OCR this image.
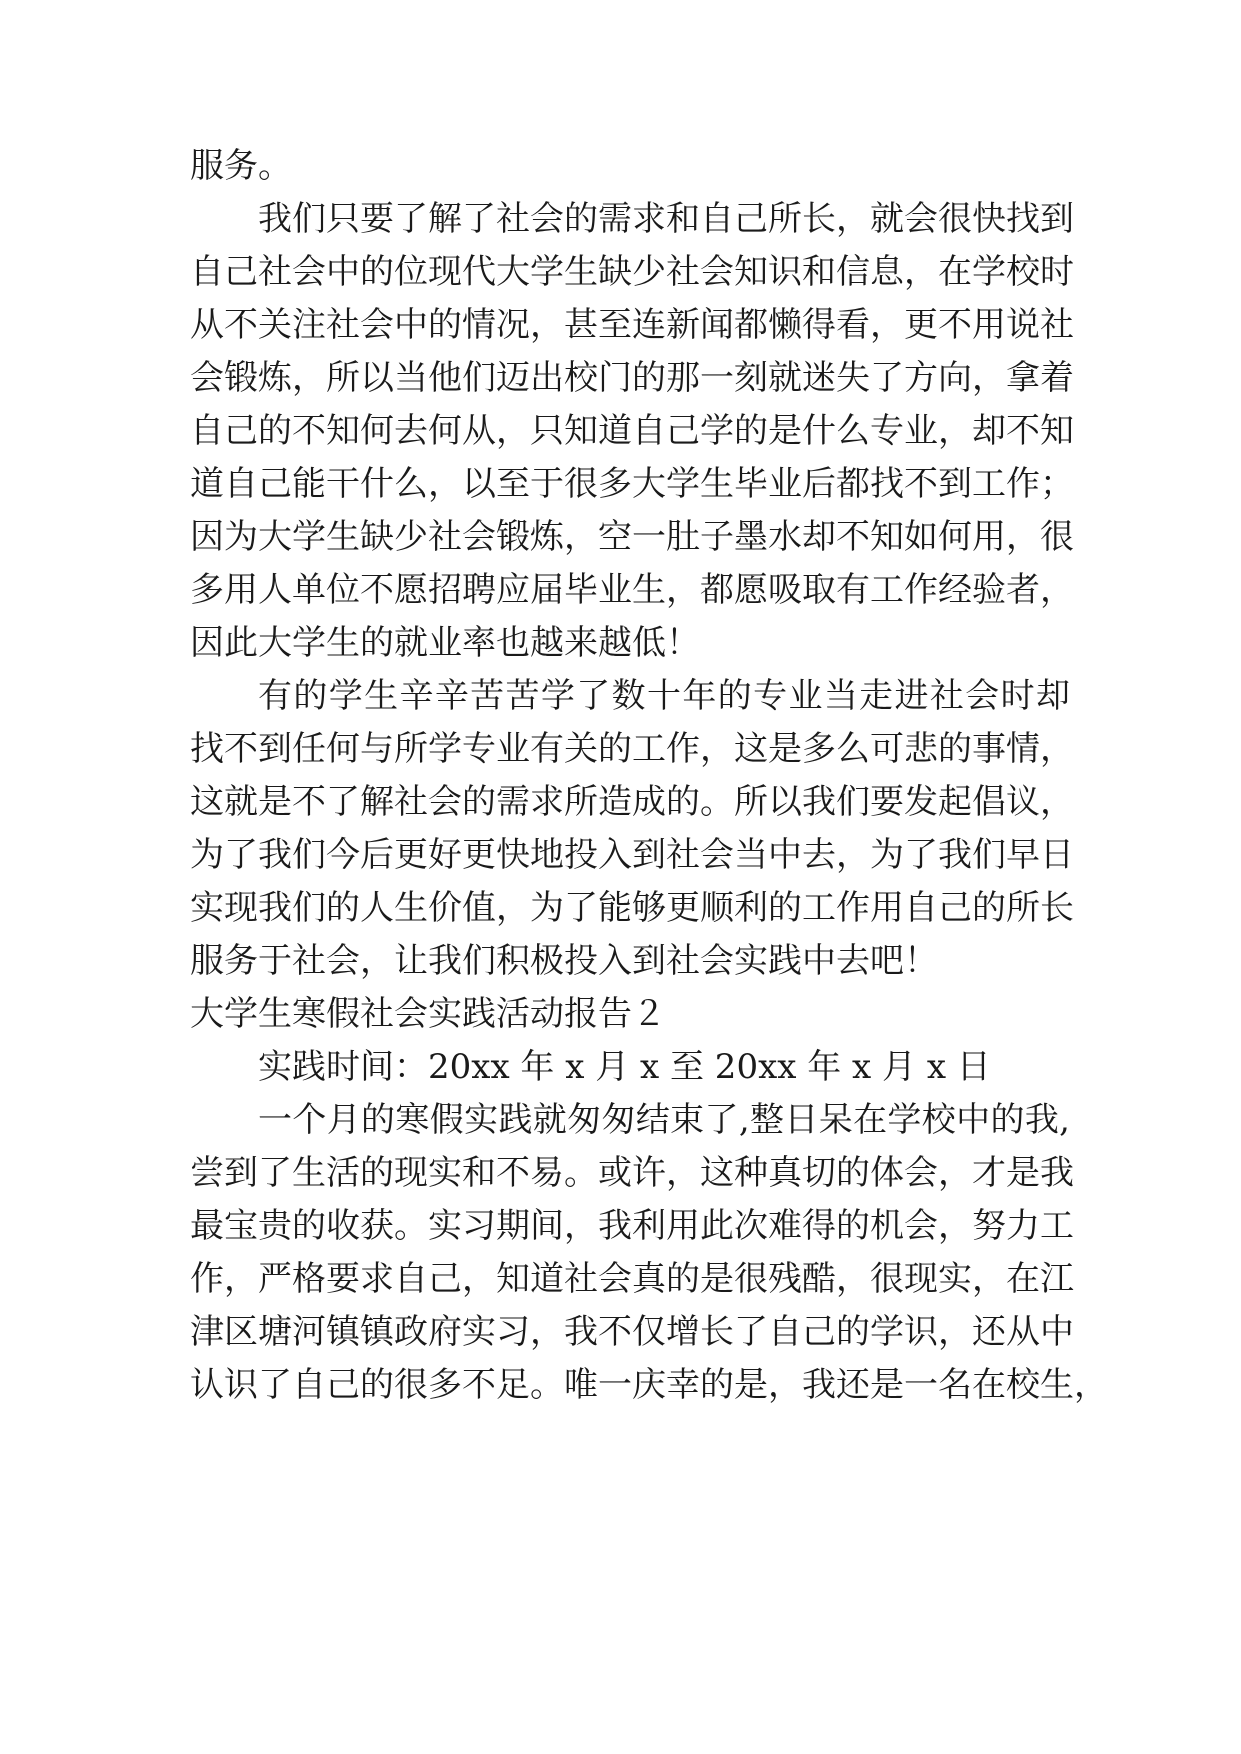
服务。

我们只要了解了社会的需求和自己所长，就会很快找到

自己社会中的位现代大学生缺少社会知识和信息，在学校时

从不关注社会中的情况，甚至连新闻都懒得看，更不用说社

会锻炼，所以当他们迈出校门的那一刻就迷失了方向，拿着

自己的不知何去何从，只知道自己学的是什么专业，却不知

道自己能干什么，以至于很多大学生毕业后都找不到工作；

因为大学生缺少社会锻炼，空一肚子墨水却不知如何用，很

多用人单位不愿招聘应届毕业生，都愿吸取有工作经验者，

因此大学生的就业率也越来越低！

有的学生辛辛苦苦学了数十年的专业当走进社会时却

找不到任何与所学专业有关的工作，这是多么可悲的事情，

这就是不了解社会的需求所造成的。所以我们要发起倡议，

为了我们今后更好更快地投入到社会当中去，为了我们早日

实现我们的人生价值，为了能够更顺利的工作用自己的所长

服务于社会，让我们积极投入到社会实践中去吧！

大学生寒假社会实践活动报告２

实践时间：20xx 年 x 月 x 至 20xx 年 x 月 x 日

一个月的寒假实践就匆匆结束了,整日呆在学校中的我,

尝到了生活的现实和不易。或许，这种真切的体会，才是我

最宝贵的收获。实习期间，我利用此次难得的机会，努力工

作，严格要求自己，知道社会真的是很残酷，很现实，在江

津区塘河镇镇政府实习，我不仅增长了自己的学识，还从中

认识了自己的很多不足。唯一庆幸的是，我还是一名在校生，
